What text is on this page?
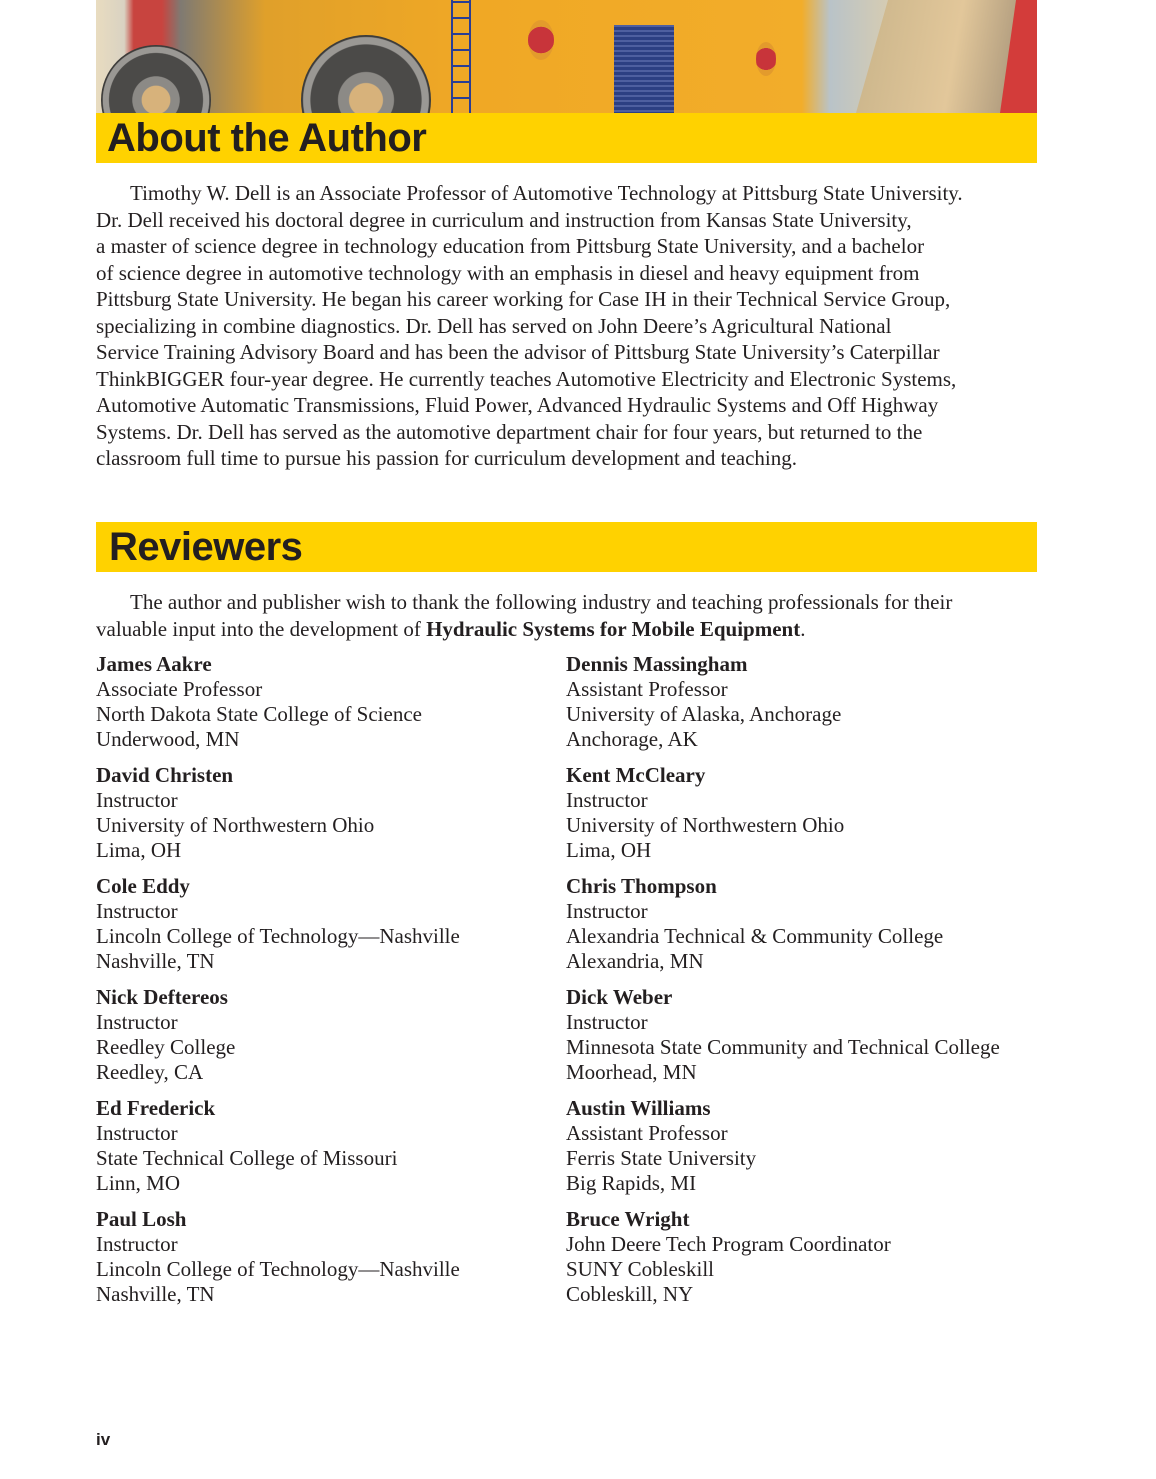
About the Author
Timothy W. Dell is an Associate Professor of Automotive Technology at Pittsburg State University.
Dr. Dell received his doctoral degree in curriculum and instruction from Kansas State University,
a master of science degree in technology education from Pittsburg State University, and a bachelor
of science degree in automotive technology with an emphasis in diesel and heavy equipment from
Pittsburg State University. He began his career working for Case IH in their Technical Service Group,
specializing in combine diagnostics. Dr. Dell has served on John Deere’s Agricultural National
Service Training Advisory Board and has been the advisor of Pittsburg State University’s Caterpillar
ThinkBIGGER four-year degree. He currently teaches Automotive Electricity and Electronic Systems,
Automotive Automatic Transmissions, Fluid Power, Advanced Hydraulic Systems and Off Highway
Systems. Dr. Dell has served as the automotive department chair for four years, but returned to the
classroom full time to pursue his passion for curriculum development and teaching.
Reviewers
The author and publisher wish to thank the following industry and teaching professionals for their
valuable input into the development of Hydraulic Systems for Mobile Equipment.
James Aakre
Associate Professor
North Dakota State College of Science
Underwood, MN
David Christen
Instructor
University of Northwestern Ohio
Lima, OH
Cole Eddy
Instructor
Lincoln College of Technology—Nashville
Nashville, TN
Nick Deftereos
Instructor
Reedley College
Reedley, CA
Ed Frederick
Instructor
State Technical College of Missouri
Linn, MO
Paul Losh
Instructor
Lincoln College of Technology—Nashville
Nashville, TN
Dennis Massingham
Assistant Professor
University of Alaska, Anchorage
Anchorage, AK
Kent McCleary
Instructor
University of Northwestern Ohio
Lima, OH
Chris Thompson
Instructor
Alexandria Technical & Community College
Alexandria, MN
Dick Weber
Instructor
Minnesota State Community and Technical College
Moorhead, MN
Austin Williams
Assistant Professor
Ferris State University
Big Rapids, MI
Bruce Wright
John Deere Tech Program Coordinator
SUNY Cobleskill
Cobleskill, NY
iv
